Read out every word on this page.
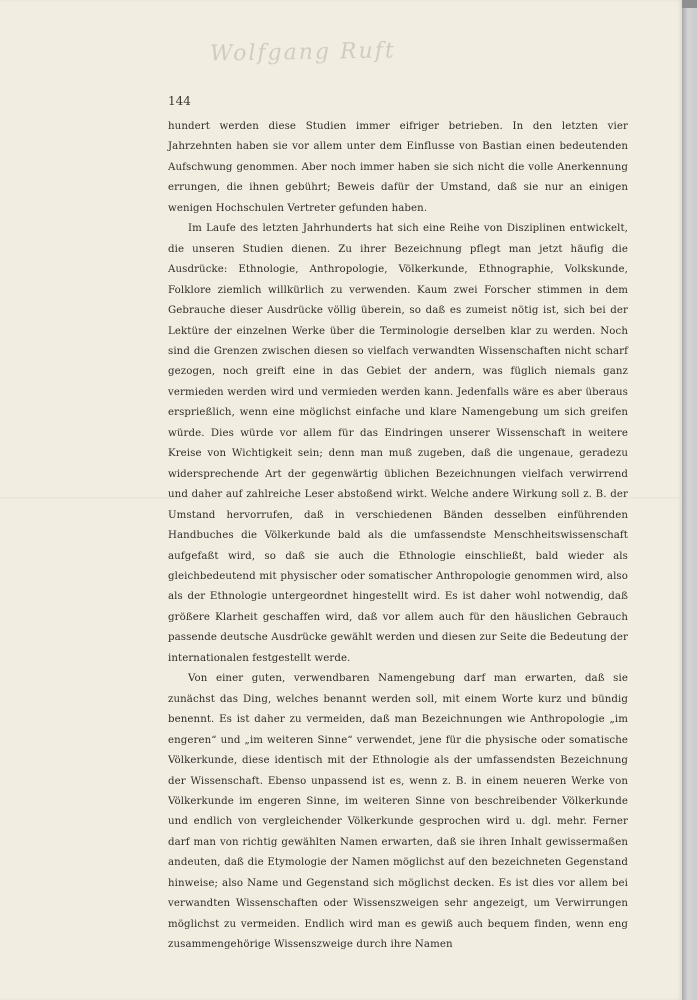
Wolfgang Ruft
144

hundert werden diese Studien immer eifriger betrieben. In den letzten vier Jahrzehnten haben sie vor allem unter dem Einflusse von Bastian einen bedeutenden Aufschwung genommen. Aber noch immer haben sie sich nicht die volle Anerkennung errungen, die ihnen gebührt; Beweis dafür der Umstand, daß sie nur an einigen wenigen Hochschulen Vertreter gefunden haben.

Im Laufe des letzten Jahrhunderts hat sich eine Reihe von Disziplinen entwickelt, die unseren Studien dienen. Zu ihrer Bezeichnung pflegt man jetzt häufig die Ausdrücke: Ethnologie, Anthropologie, Völkerkunde, Ethnographie, Volkskunde, Folklore ziemlich willkürlich zu verwenden. Kaum zwei Forscher stimmen in dem Gebrauche dieser Ausdrücke völlig überein, so daß es zumeist nötig ist, sich bei der Lektüre der einzelnen Werke über die Terminologie derselben klar zu werden. Noch sind die Grenzen zwischen diesen so vielfach verwandten Wissenschaften nicht scharf gezogen, noch greift eine in das Gebiet der andern, was füglich niemals ganz vermieden werden wird und vermieden werden kann. Jedenfalls wäre es aber überaus ersprießlich, wenn eine möglichst einfache und klare Namengebung um sich greifen würde. Dies würde vor allem für das Eindringen unserer Wissenschaft in weitere Kreise von Wichtigkeit sein; denn man muß zugeben, daß die ungenaue, geradezu widersprechende Art der gegenwärtig üblichen Bezeichnungen vielfach verwirrend und daher auf zahlreiche Leser abstoßend wirkt. Welche andere Wirkung soll z. B. der Umstand hervorrufen, daß in verschiedenen Bänden desselben einführenden Handbuches die Völkerkunde bald als die umfassendste Menschheitswissenschaft aufgefaßt wird, so daß sie auch die Ethnologie einschließt, bald wieder als gleichbedeutend mit physischer oder somatischer Anthropologie genommen wird, also als der Ethnologie untergeordnet hingestellt wird. Es ist daher wohl notwendig, daß größere Klarheit geschaffen wird, daß vor allem auch für den häuslichen Gebrauch passende deutsche Ausdrücke gewählt werden und diesen zur Seite die Bedeutung der internationalen festgestellt werde.

Von einer guten, verwendbaren Namengebung darf man erwarten, daß sie zunächst das Ding, welches benannt werden soll, mit einem Worte kurz und bündig benennt. Es ist daher zu vermeiden, daß man Bezeichnungen wie Anthropologie „im engeren“ und „im weiteren Sinne“ verwendet, jene für die physische oder somatische Völkerkunde, diese identisch mit der Ethnologie als der umfassendsten Bezeichnung der Wissenschaft. Ebenso unpassend ist es, wenn z. B. in einem neueren Werke von Völkerkunde im engeren Sinne, im weiteren Sinne von beschreibender Völkerkunde und endlich von vergleichender Völkerkunde gesprochen wird u. dgl. mehr. Ferner darf man von richtig gewählten Namen erwarten, daß sie ihren Inhalt gewissermaßen andeuten, daß die Etymologie der Namen möglichst auf den bezeichneten Gegenstand hinweise; also Name und Gegenstand sich möglichst decken. Es ist dies vor allem bei verwandten Wissenschaften oder Wissenszweigen sehr angezeigt, um Verwirrungen möglichst zu vermeiden. Endlich wird man es gewiß auch bequem finden, wenn eng zusammengehörige Wissenszweige durch ihre Namen
